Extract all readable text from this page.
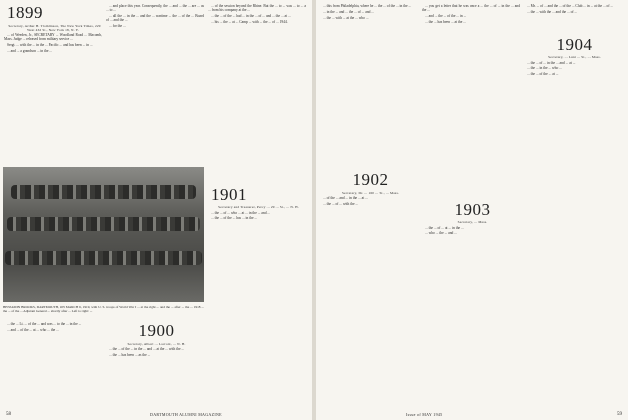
1899

Secretary, Arthur H. Tlomlinson, The New York Times, 229 West 43d St., New York 18, N. Y.

... of Weeden, Jr., SECRETARY ... Woodland Road ... Macomb, Mass. Judge ... released from military service ...

Sergt. ... with the ... in the ... Pacific ... and has been ... in ...

... and ... a grandson ... in the ...

... and place this year. Consequently, the ... and ... the ... are ... as ... to ...

... all the ... in the ... and the ... wartime ... the ... of the ... Board of ... and the ...

... for the ...

... of the session beyond the Rhine. But the ... to ... was ... to ... a ... from his company at the ...

... the ... of the ... had ... in the ... of ... and ... the ... at ...

... his ... the ... at ... Camp ... with ... the ... of ... 1944.

1901

Secretary and Treasurer, Percy ... 29 ... St., ... N. H.

... the ... of ... who ... at ... in the ... and ...

... the ... of the ... has ... in the ...

BENJAMIN BROOKS, DARTMOUTH, ON MARCH 6, 1919, with U. S. troops of World War I ... at the right ... and the ... after ... the ... 1918 ... the ... of the ... Adjutant General ... shortly after ... Left to right: ...

... the ... Lt. ... of the ... and was ... to the ... in the ...

... and ... of the ... at ... who ... the ...	1900

Secretary, Albert ... Lacroix, ... N. H.

... the ... of the ... in the ... and ... at the ... with the ...

... the ... has been ... as the ...

58	DARTMOUTH ALUMNI MAGAZINE

... this from Philadelphia, where he ... the ... of the ... in the ...

... in the ... and ... the ... of ... and ...

... the ... with ... at the ... who ...

1902

Secretary, Dr. ... 160 ... St., ... Mass.

... of the ... and ... in the ... at ...

... the ... of ... with the ...

... you get a letter that he was once a ... the ... of ... in the ... and the ...

... and ... the ... of the ... in ...

... the ... has been ... at the ...

1903

Secretary, ... Mass.

... the ... of ... at ... in the ...

... who ... the ... and ...

... Mr. ... of ... and the ... of the ... Club ... in ... at the ... of ...

... the ... with the ... and the ... of ...

1904

Secretary, ... Lunt ... St., ... Mass.

... the ... of ... in the ... and ... at ...

... the ... in the ... who ...

... the ... of the ... at ...

Issue of MAY 1945	59
